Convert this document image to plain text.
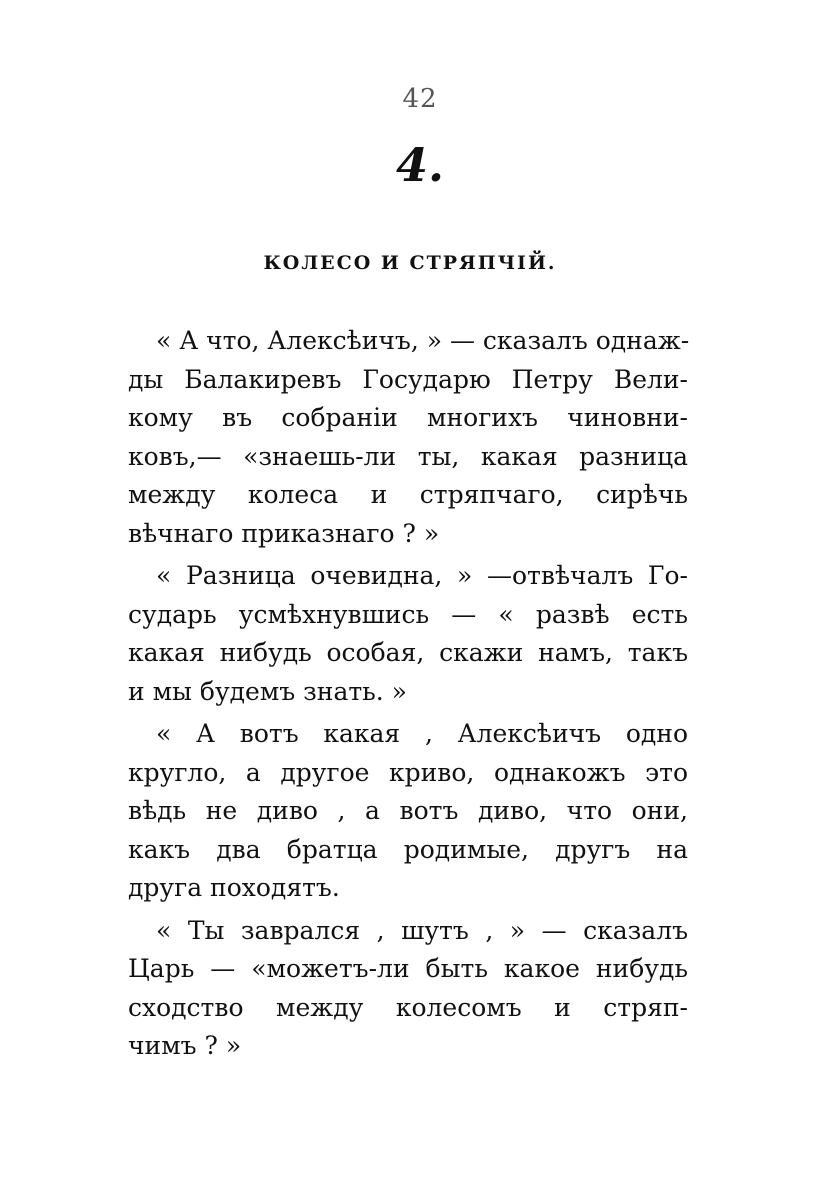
42
4.
КОЛЕСО И СТРЯПЧІЙ.
« А что, Алексѣичъ, » — сказалъ однаж-
ды Балакиревъ Государю Петру Вели-
кому въ собраніи многихъ чиновни-
ковъ,— «знаешь-ли ты, какая разница
между колеса и стряпчаго, сирѣчь
вѣчнаго приказнаго ? »
« Разница очевидна, » —отвѣчалъ Го-
сударь усмѣхнувшись — « развѣ есть
какая нибудь особая, скажи намъ, такъ
и мы будемъ знать. »
« А вотъ какая , Алексѣичъ одно
кругло, а другое криво, однакожъ это
вѣдь не диво , а вотъ диво, что они,
какъ два братца родимые, другъ на
друга походятъ.
« Ты заврался , шутъ , » — сказалъ
Царь — «можетъ-ли быть какое нибудь
сходство между колесомъ и стряп-
чимъ ? »
